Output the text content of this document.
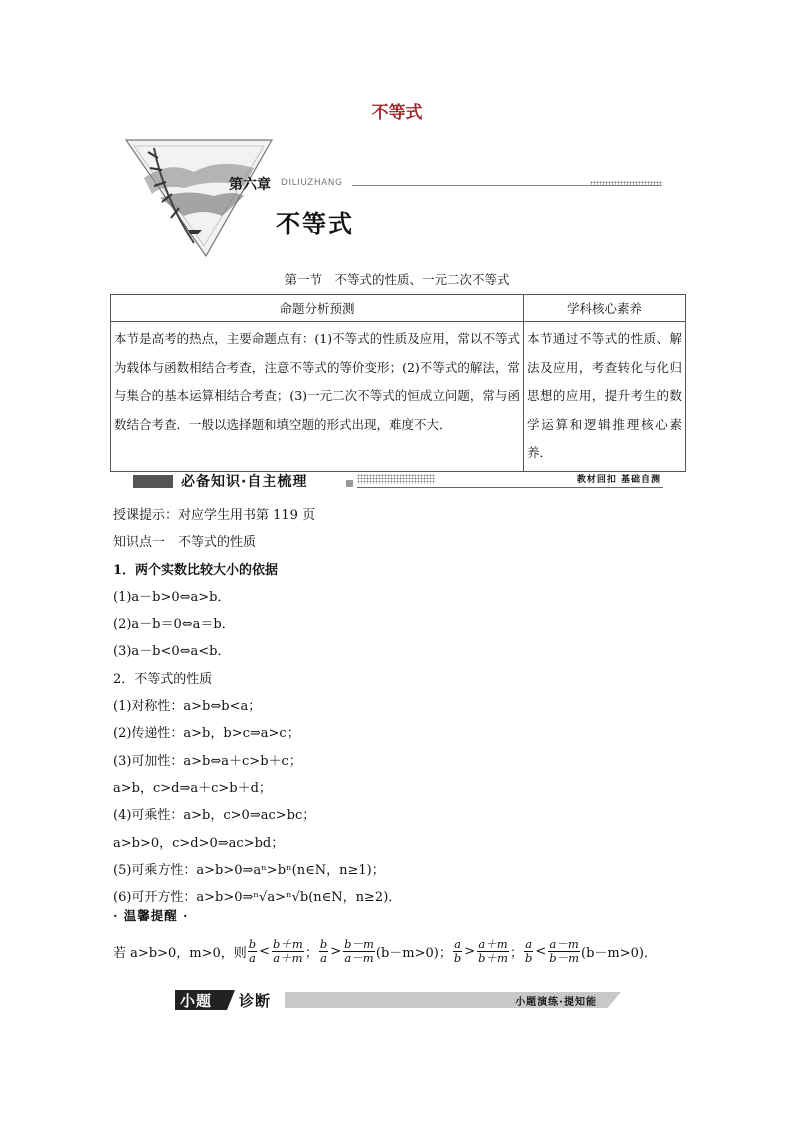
不等式
第六章 DILIUZHANG
不等式
第一节　不等式的性质、一元二次不等式
命题分析预测	学科核心素养
本节是高考的热点，主要命题点有：(1)不等式的性质及应用，常以不等式为载体与函数相结合考查，注意不等式的等价变形；(2)不等式的解法，常与集合的基本运算相结合考查；(3)一元二次不等式的恒成立问题，常与函数结合考查．一般以选择题和填空题的形式出现，难度不大．	本节通过不等式的性质、解法及应用，考查转化与化归思想的应用，提升考生的数学运算和逻辑推理核心素养．
必备知识·自主梳理	教材回扣 基础自测
授课提示：对应学生用书第 119 页
知识点一　不等式的性质
1．两个实数比较大小的依据
(1)a－b>0⇔a>b．
(2)a－b＝0⇔a＝b．
(3)a－b<0⇔a<b．
2．不等式的性质
(1)对称性：a>b⇔b<a；
(2)传递性：a>b，b>c⇒a>c；
(3)可加性：a>b⇔a＋c>b＋c；
a>b，c>d⇒a＋c>b＋d；
(4)可乘性：a>b，c>0⇒ac>bc；
a>b>0，c>d>0⇒ac>bd；
(5)可乘方性：a>b>0⇒aⁿ>bⁿ(n∈N，n≥1)；
(6)可开方性：a>b>0⇒ⁿ√a>ⁿ√b(n∈N，n≥2)．
· 温馨提醒 ·
若 a>b>0，m>0，则 $\frac{b}{a} < \frac{b+m}{a+m}$ ； $\frac{b}{a} > \frac{b-m}{a-m} (b-m>0)$； $\frac{a}{b} > \frac{a+m}{b+m}$ ； $\frac{a}{b} < \frac{a-m}{b-m} (b-m>0)$．
小题 诊断	小题演练·提知能
